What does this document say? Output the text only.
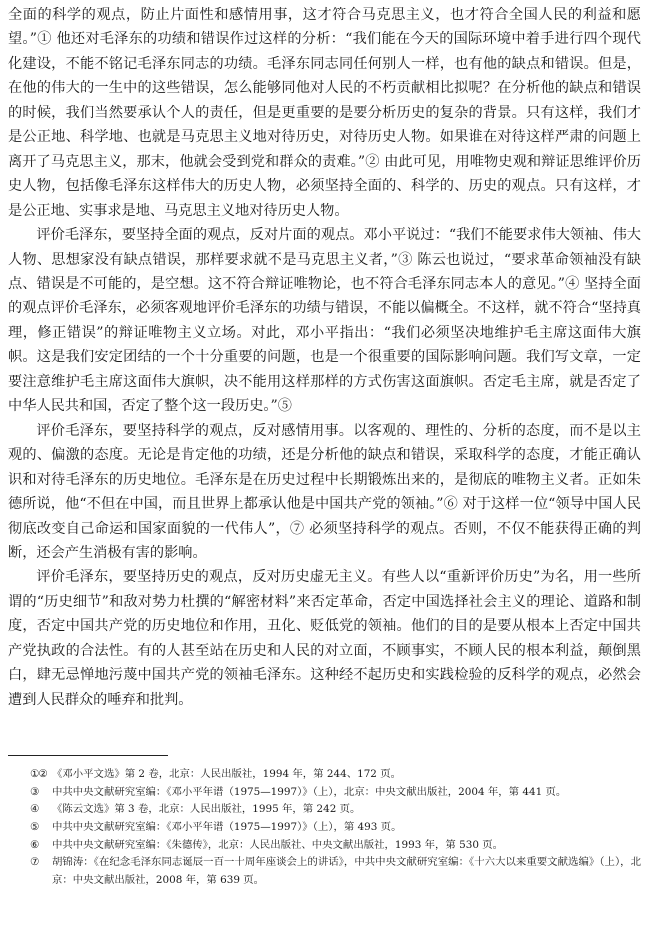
全面的科学的观点，防止片面性和感情用事，这才符合马克思主义，也才符合全国人民的利益和愿望。”① 他还对毛泽东的功绩和错误作过这样的分析：“我们能在今天的国际环境中着手进行四个现代化建设，不能不铭记毛泽东同志的功绩。毛泽东同志同任何别人一样，也有他的缺点和错误。但是，在他的伟大的一生中的这些错误，怎么能够同他对人民的不朽贡献相比拟呢？在分析他的缺点和错误的时候，我们当然要承认个人的责任，但是更重要的是要分析历史的复杂的背景。只有这样，我们才是公正地、科学地、也就是马克思主义地对待历史，对待历史人物。如果谁在对待这样严肃的问题上离开了马克思主义，那末，他就会受到党和群众的责难。”② 由此可见，用唯物史观和辩证思维评价历史人物，包括像毛泽东这样伟大的历史人物，必须坚持全面的、科学的、历史的观点。只有这样，才是公正地、实事求是地、马克思主义地对待历史人物。

评价毛泽东，要坚持全面的观点，反对片面的观点。邓小平说过：“我们不能要求伟大领袖、伟大人物、思想家没有缺点错误，那样要求就不是马克思主义者，”③ 陈云也说过，“要求革命领袖没有缺点、错误是不可能的，是空想。这不符合辩证唯物论，也不符合毛泽东同志本人的意见。”④ 坚持全面的观点评价毛泽东，必须客观地评价毛泽东的功绩与错误，不能以偏概全。不这样，就不符合“坚持真理，修正错误”的辩证唯物主义立场。对此，邓小平指出：“我们必须坚决地维护毛主席这面伟大旗帜。这是我们安定团结的一个十分重要的问题，也是一个很重要的国际影响问题。我们写文章，一定要注意维护毛主席这面伟大旗帜，决不能用这样那样的方式伤害这面旗帜。否定毛主席，就是否定了中华人民共和国，否定了整个这一段历史。”⑤

评价毛泽东，要坚持科学的观点，反对感情用事。以客观的、理性的、分析的态度，而不是以主观的、偏激的态度。无论是肯定他的功绩，还是分析他的缺点和错误，采取科学的态度，才能正确认识和对待毛泽东的历史地位。毛泽东是在历史过程中长期锻炼出来的，是彻底的唯物主义者。正如朱德所说，他“不但在中国，而且世界上都承认他是中国共产党的领袖。”⑥ 对于这样一位“领导中国人民彻底改变自己命运和国家面貌的一代伟人”，⑦ 必须坚持科学的观点。否则，不仅不能获得正确的判断，还会产生消极有害的影响。

评价毛泽东，要坚持历史的观点，反对历史虚无主义。有些人以“重新评价历史”为名，用一些所谓的“历史细节”和敌对势力杜撰的“解密材料”来否定革命，否定中国选择社会主义的理论、道路和制度，否定中国共产党的历史地位和作用，丑化、贬低党的领袖。他们的目的是要从根本上否定中国共产党执政的合法性。有的人甚至站在历史和人民的对立面，不顾事实，不顾人民的根本利益，颠倒黑白，肆无忌惮地污蔑中国共产党的领袖毛泽东。这种经不起历史和实践检验的反科学的观点，必然会遭到人民群众的唾弃和批判。

①② 《邓小平文选》第 2 卷，北京：人民出版社，1994 年，第 244、172 页。
③	中共中央文献研究室编：《邓小平年谱（1975—1997）》（上），北京：中央文献出版社，2004 年，第 441 页。
④	《陈云文选》第 3 卷，北京：人民出版社，1995 年，第 242 页。
⑤	中共中央文献研究室编：《邓小平年谱（1975—1997）》（上），第 493 页。
⑥	中共中央文献研究室编：《朱德传》，北京：人民出版社、中央文献出版社，1993 年，第 530 页。
⑦	胡锦涛：《在纪念毛泽东同志诞辰一百一十周年座谈会上的讲话》，中共中央文献研究室编：《十六大以来重要文献选编》（上），北京：中央文献出版社，2008 年，第 639 页。
